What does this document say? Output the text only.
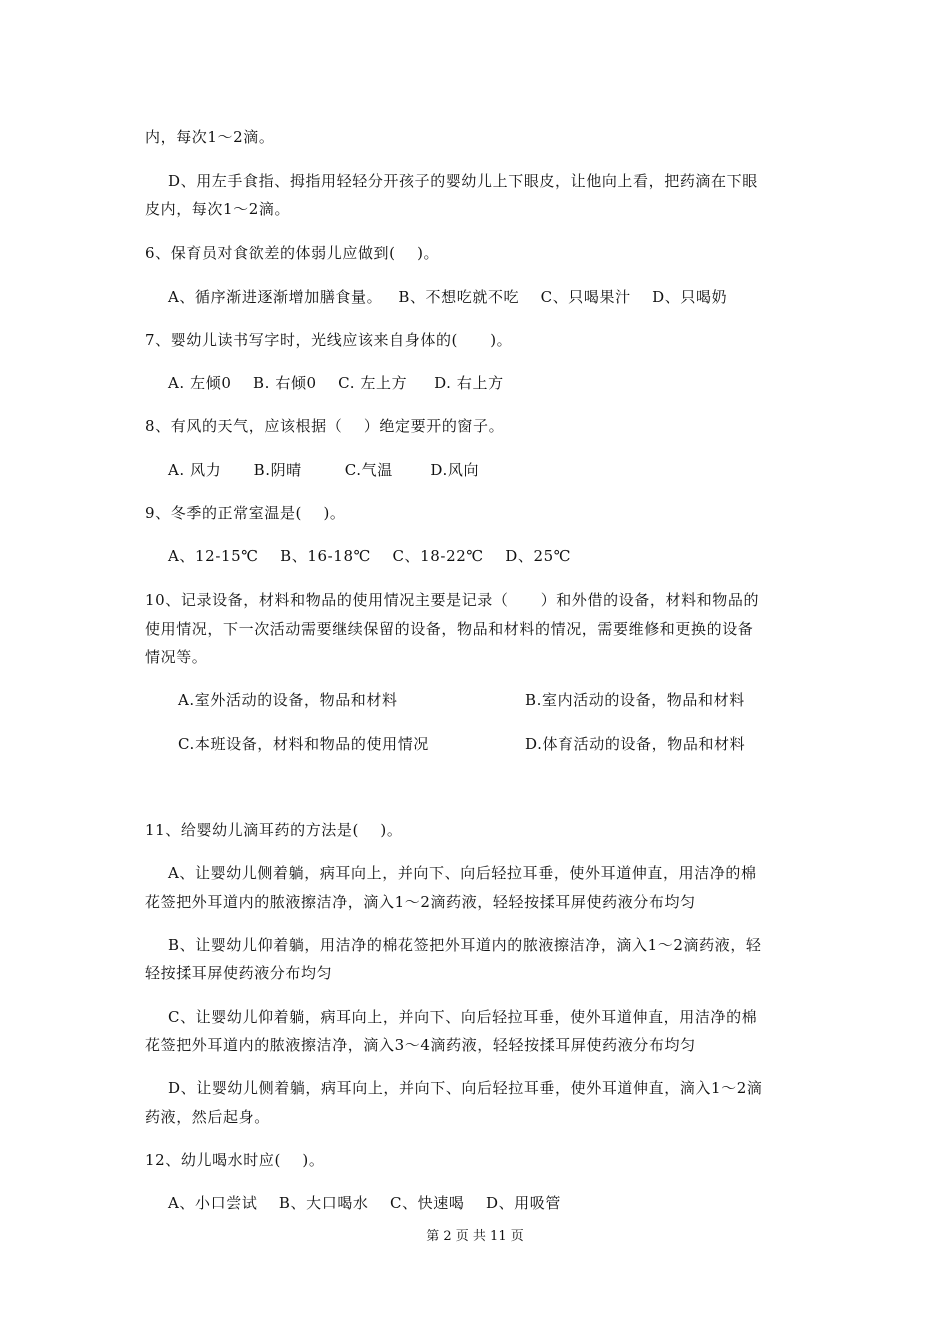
内，每次1～2滴。
D、用左手食指、拇指用轻轻分开孩子的婴幼儿上下眼皮，让他向上看，把药滴在下眼
皮内，每次1～2滴。
6、保育员对食欲差的体弱儿应做到(    )。
A、循序渐进逐渐增加膳食量。   B、不想吃就不吃    C、只喝果汁    D、只喝奶
7、婴幼儿读书写字时，光线应该来自身体的(      )。
A. 左倾0    B. 右倾0    C. 左上方     D. 右上方
8、有风的天气，应该根据（    ）绝定要开的窗子。
A. 风力      B.阴晴        C.气温       D.风向
9、冬季的正常室温是(    )。
A、12-15℃    B、16-18℃    C、18-22℃    D、25℃
10、记录设备，材料和物品的使用情况主要是记录（      ）和外借的设备，材料和物品的
使用情况，下一次活动需要继续保留的设备，物品和材料的情况，需要维修和更换的设备
情况等。
A.室外活动的设备，物品和材料	B.室内活动的设备，物品和材料
C.本班设备，材料和物品的使用情况	D.体育活动的设备，物品和材料
11、给婴幼儿滴耳药的方法是(    )。
A、让婴幼儿侧着躺，病耳向上，并向下、向后轻拉耳垂，使外耳道伸直，用洁净的棉
花签把外耳道内的脓液擦洁净，滴入1～2滴药液，轻轻按揉耳屏使药液分布均匀
B、让婴幼儿仰着躺，用洁净的棉花签把外耳道内的脓液擦洁净，滴入1～2滴药液，轻
轻按揉耳屏使药液分布均匀
C、让婴幼儿仰着躺，病耳向上，并向下、向后轻拉耳垂，使外耳道伸直，用洁净的棉
花签把外耳道内的脓液擦洁净，滴入3～4滴药液，轻轻按揉耳屏使药液分布均匀
D、让婴幼儿侧着躺，病耳向上，并向下、向后轻拉耳垂，使外耳道伸直，滴入1～2滴
药液，然后起身。
12、幼儿喝水时应(    )。
A、小口尝试    B、大口喝水    C、快速喝    D、用吸管
第 2 页 共 11 页
